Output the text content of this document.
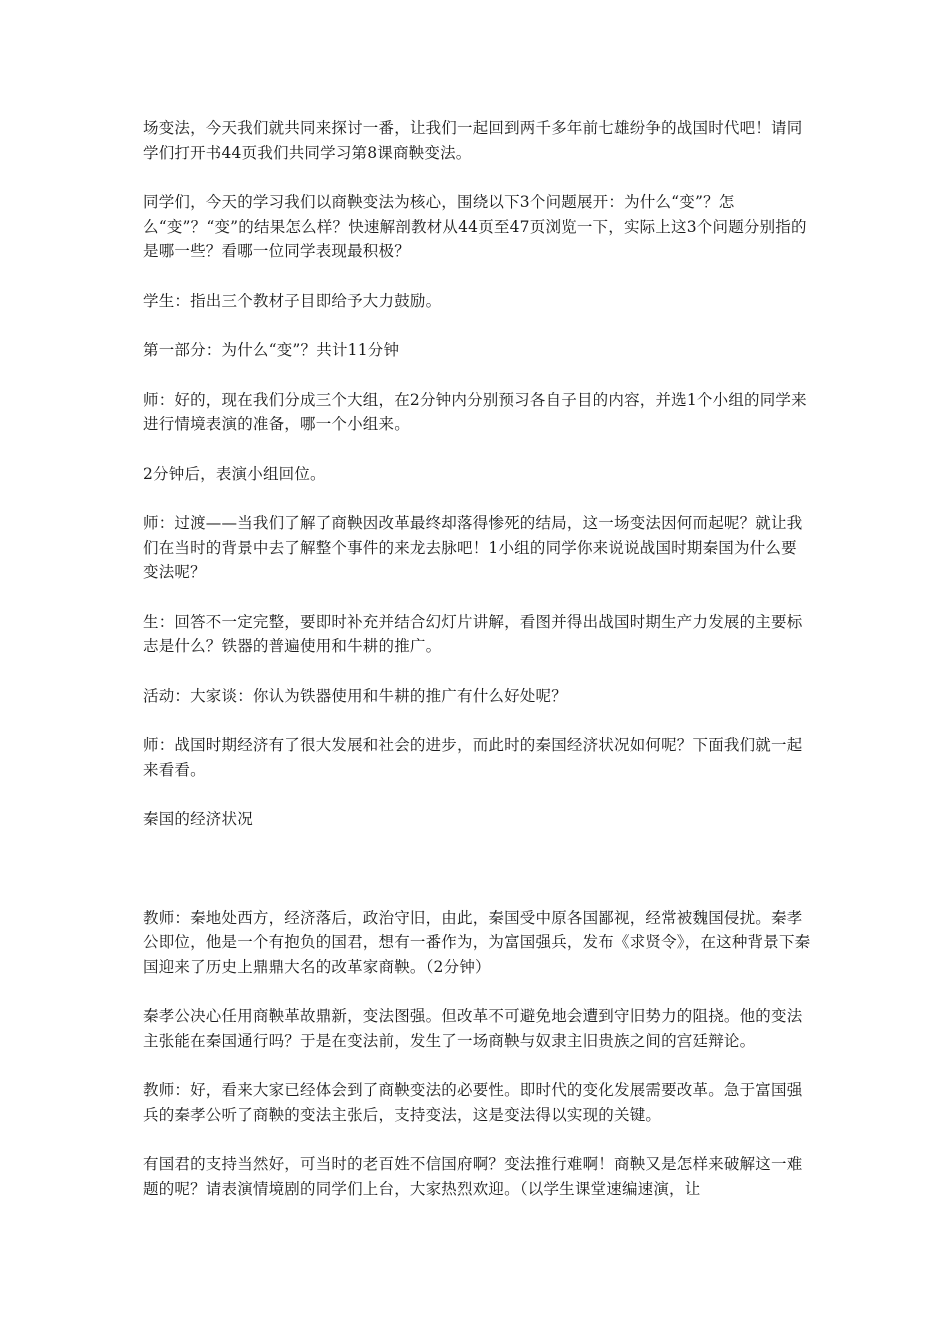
场变法，今天我们就共同来探讨一番，让我们一起回到两千多年前七雄纷争的战国时代吧！请同学们打开书44页我们共同学习第8课商鞅变法。

同学们，今天的学习我们以商鞅变法为核心，围绕以下3个问题展开：为什么“变”？怎么“变”？“变”的结果怎么样？快速解剖教材从44页至47页浏览一下，实际上这3个问题分别指的是哪一些？看哪一位同学表现最积极？

学生：指出三个教材子目即给予大力鼓励。

第一部分：为什么“变”？共计11分钟

师：好的，现在我们分成三个大组，在2分钟内分别预习各自子目的内容，并选1个小组的同学来进行情境表演的准备，哪一个小组来。

2分钟后，表演小组回位。

师：过渡——当我们了解了商鞅因改革最终却落得惨死的结局，这一场变法因何而起呢？就让我们在当时的背景中去了解整个事件的来龙去脉吧！1小组的同学你来说说战国时期秦国为什么要变法呢？

生：回答不一定完整，要即时补充并结合幻灯片讲解，看图并得出战国时期生产力发展的主要标志是什么？铁器的普遍使用和牛耕的推广。

活动：大家谈：你认为铁器使用和牛耕的推广有什么好处呢？

师：战国时期经济有了很大发展和社会的进步，而此时的秦国经济状况如何呢？下面我们就一起来看看。

秦国的经济状况

教师：秦地处西方，经济落后，政治守旧，由此，秦国受中原各国鄙视，经常被魏国侵扰。秦孝公即位，他是一个有抱负的国君，想有一番作为，为富国强兵，发布《求贤令》，在这种背景下秦国迎来了历史上鼎鼎大名的改革家商鞅。（2分钟）

秦孝公决心任用商鞅革故鼎新，变法图强。但改革不可避免地会遭到守旧势力的阻挠。他的变法主张能在秦国通行吗？于是在变法前，发生了一场商鞅与奴隶主旧贵族之间的宫廷辩论。

教师：好，看来大家已经体会到了商鞅变法的必要性。即时代的变化发展需要改革。急于富国强兵的秦孝公听了商鞅的变法主张后，支持变法，这是变法得以实现的关键。

有国君的支持当然好，可当时的老百姓不信国府啊？变法推行难啊！商鞅又是怎样来破解这一难题的呢？请表演情境剧的同学们上台，大家热烈欢迎。（以学生课堂速编速演，让
